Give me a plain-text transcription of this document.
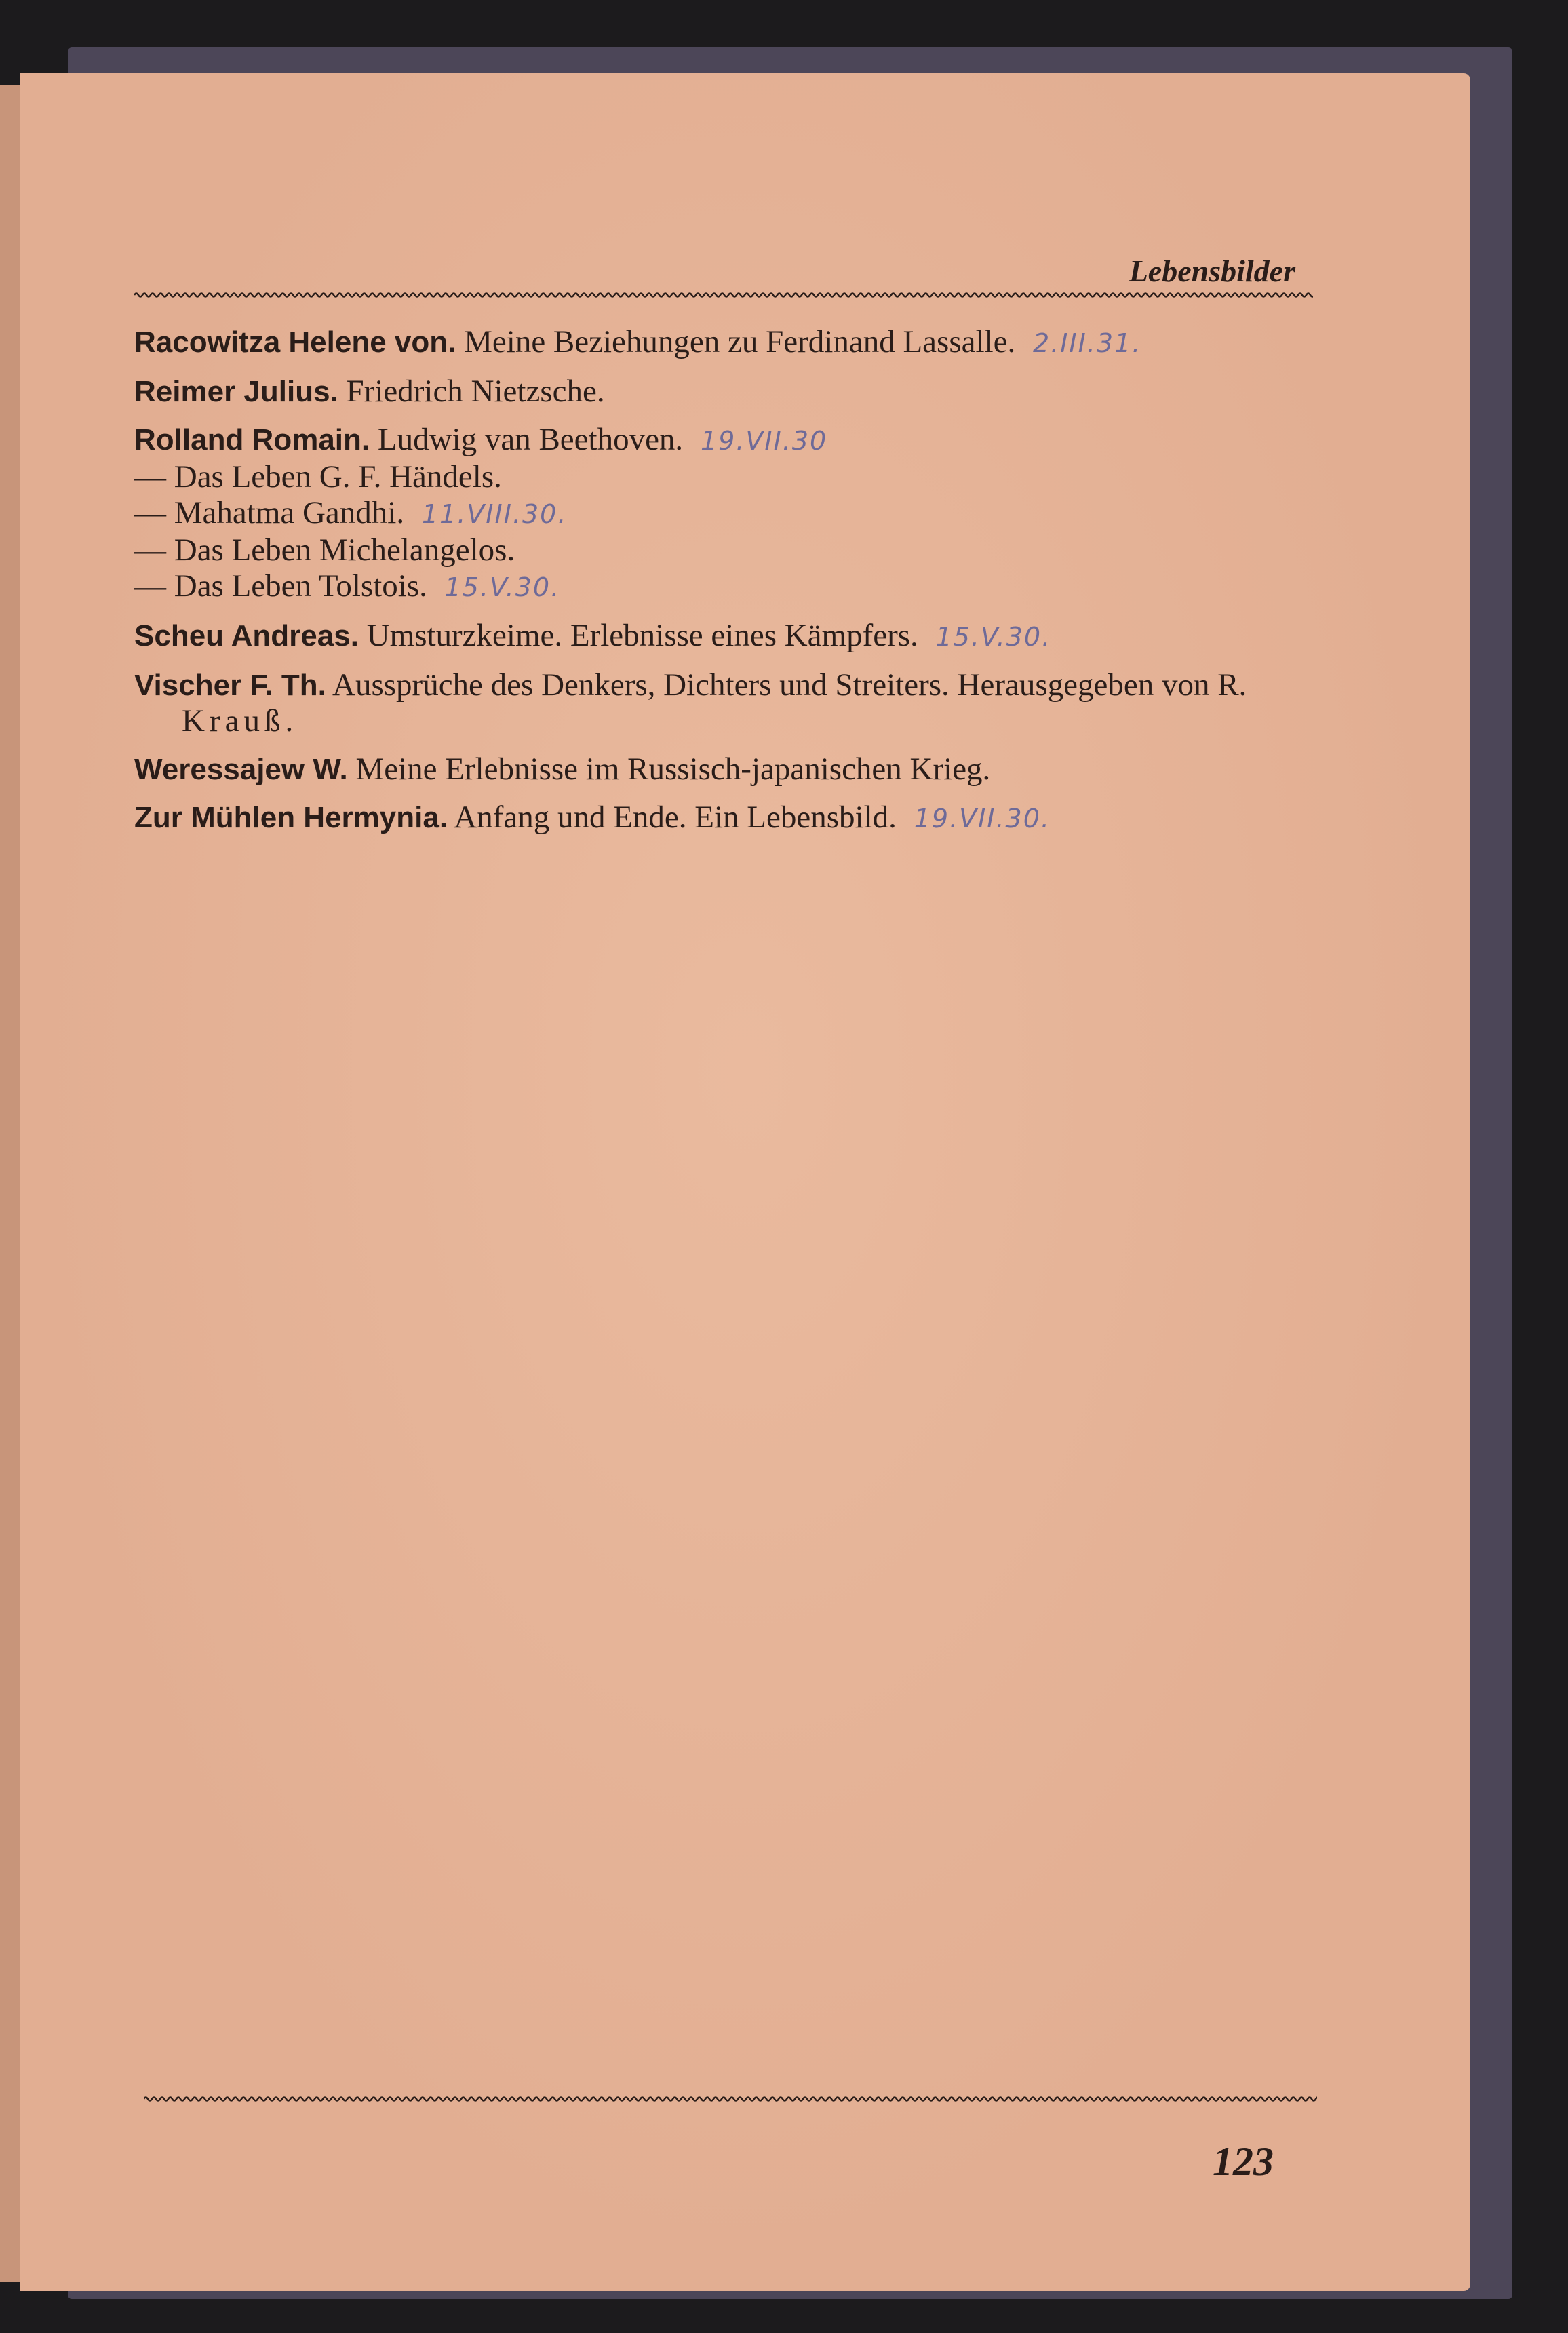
Lebensbilder

Racowitza Helene von. Meine Beziehungen zu Ferdinand Lassalle. 2.III.31.

Reimer Julius. Friedrich Nietzsche.

Rolland Romain. Ludwig van Beethoven. 19.VII.30

— Das Leben G. F. Händels.

— Mahatma Gandhi. 11.VIII.30.

— Das Leben Michelangelos.

— Das Leben Tolstois. 15.V.30.

Scheu Andreas. Umsturzkeime. Erlebnisse eines Kämpfers. 15.V.30.

Vischer F. Th. Aussprüche des Denkers, Dichters und Streiters. Herausgegeben von R. Krauß.

Weressajew W. Meine Erlebnisse im Russisch-japanischen Krieg.

Zur Mühlen Hermynia. Anfang und Ende. Ein Lebensbild. 19.VII.30.

123
